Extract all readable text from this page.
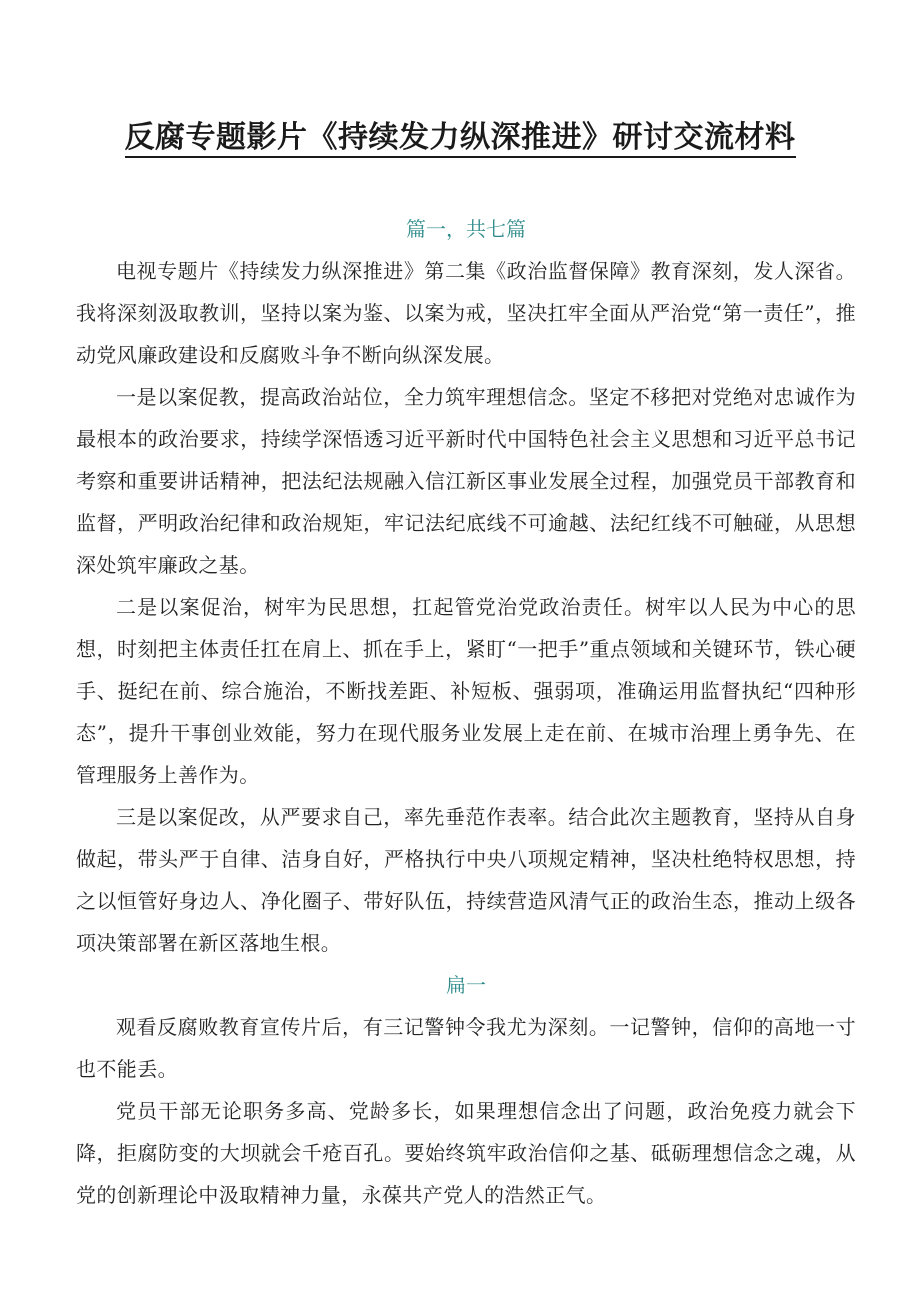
反腐专题影片《持续发力纵深推进》研讨交流材料

篇一，共七篇

电视专题片《持续发力纵深推进》第二集《政治监督保障》教育深刻，发人深省。我将深刻汲取教训，坚持以案为鉴、以案为戒，坚决扛牢全面从严治党“第一责任”，推动党风廉政建设和反腐败斗争不断向纵深发展。

一是以案促教，提高政治站位，全力筑牢理想信念。坚定不移把对党绝对忠诚作为最根本的政治要求，持续学深悟透习近平新时代中国特色社会主义思想和习近平总书记考察和重要讲话精神，把法纪法规融入信江新区事业发展全过程，加强党员干部教育和监督，严明政治纪律和政治规矩，牢记法纪底线不可逾越、法纪红线不可触碰，从思想深处筑牢廉政之基。

二是以案促治，树牢为民思想，扛起管党治党政治责任。树牢以人民为中心的思想，时刻把主体责任扛在肩上、抓在手上，紧盯“一把手”重点领域和关键环节，铁心硬手、挺纪在前、综合施治，不断找差距、补短板、强弱项，准确运用监督执纪“四种形态”，提升干事创业效能，努力在现代服务业发展上走在前、在城市治理上勇争先、在管理服务上善作为。

三是以案促改，从严要求自己，率先垂范作表率。结合此次主题教育，坚持从自身做起，带头严于自律、洁身自好，严格执行中央八项规定精神，坚决杜绝特权思想，持之以恒管好身边人、净化圈子、带好队伍，持续营造风清气正的政治生态，推动上级各项决策部署在新区落地生根。

扁一

观看反腐败教育宣传片后，有三记警钟令我尤为深刻。一记警钟，信仰的高地一寸也不能丢。

党员干部无论职务多高、党龄多长，如果理想信念出了问题，政治免疫力就会下降，拒腐防变的大坝就会千疮百孔。要始终筑牢政治信仰之基、砥砺理想信念之魂，从党的创新理论中汲取精神力量，永葆共产党人的浩然正气。
